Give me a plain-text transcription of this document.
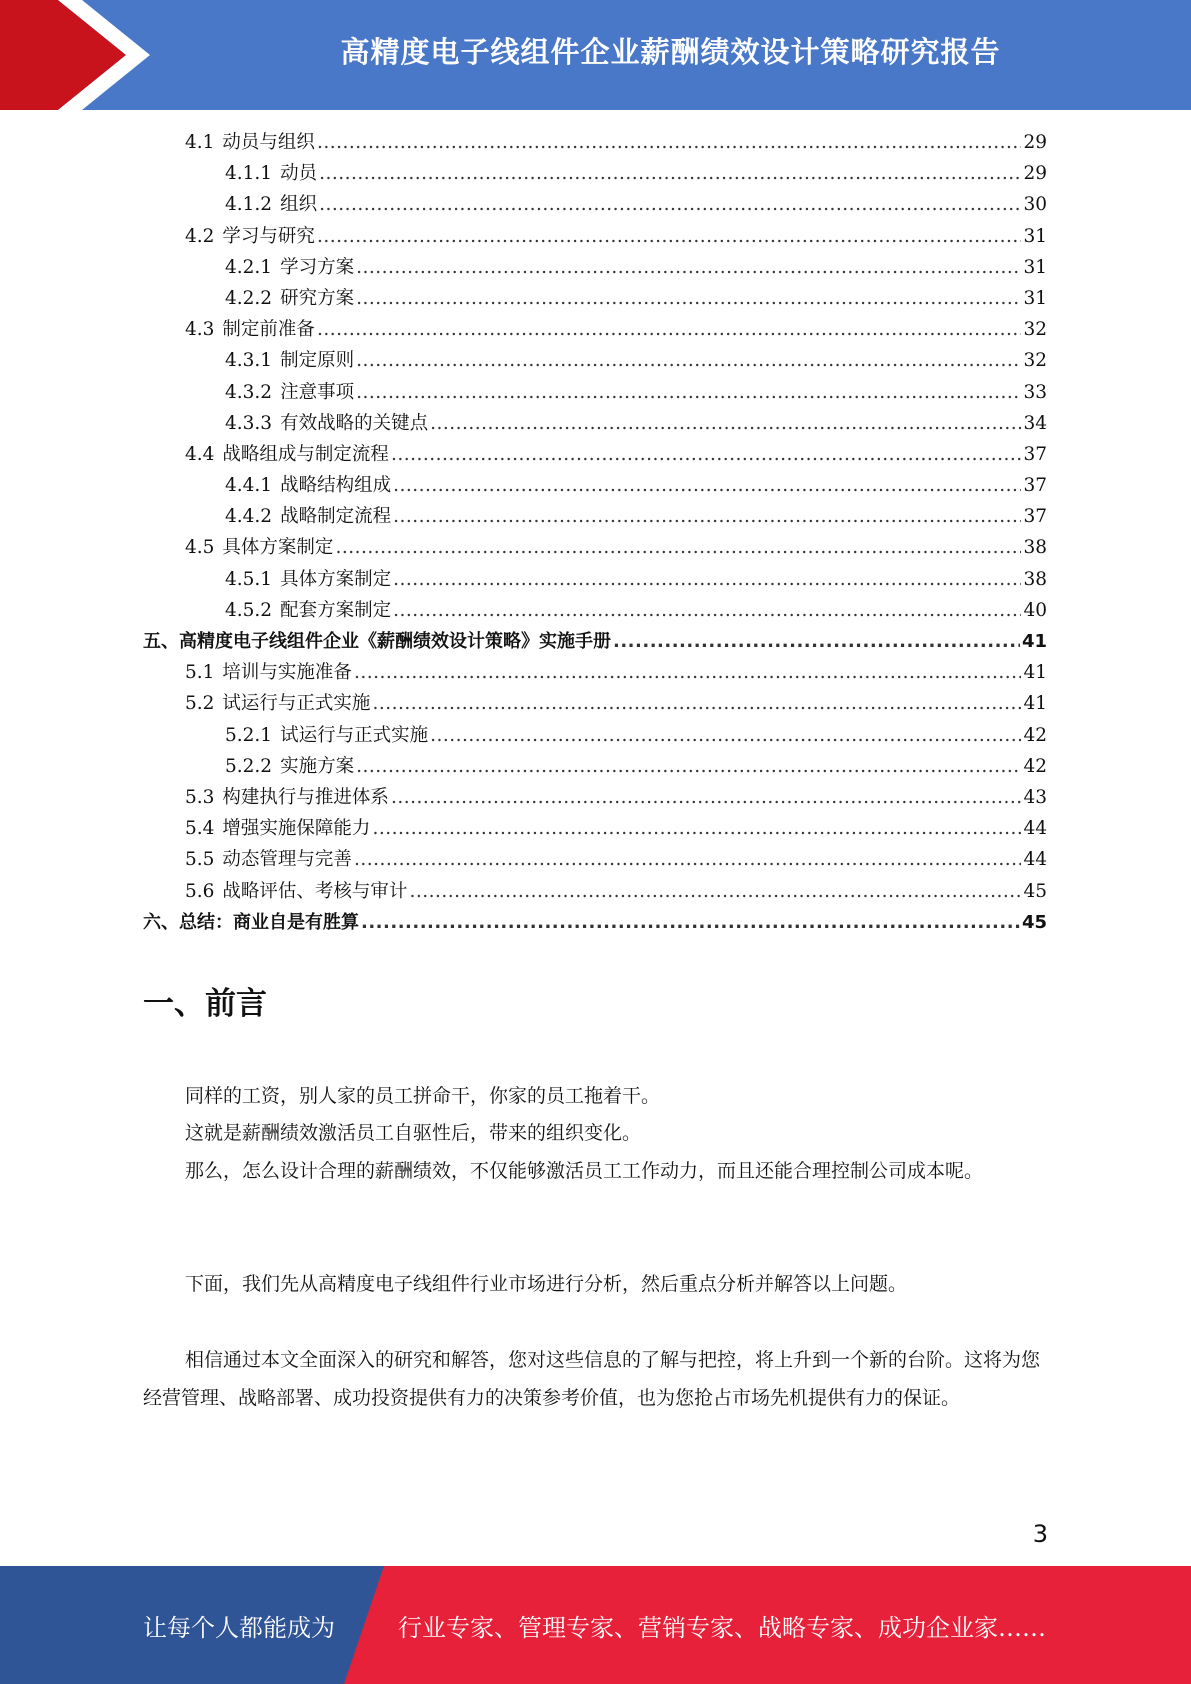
高精度电子线组件企业薪酬绩效设计策略研究报告
4.1 动员与组织 .....	29
4.1.1 动员 .....	29
4.1.2 组织 .....	30
4.2 学习与研究 .....	31
4.2.1 学习方案 .....	31
4.2.2 研究方案 .....	31
4.3 制定前准备 .....	32
4.3.1 制定原则 .....	32
4.3.2 注意事项 .....	33
4.3.3 有效战略的关键点 .....	34
4.4 战略组成与制定流程 .....	37
4.4.1 战略结构组成 .....	37
4.4.2 战略制定流程 .....	37
4.5 具体方案制定 .....	38
4.5.1 具体方案制定 .....	38
4.5.2 配套方案制定 .....	40
五、高精度电子线组件企业《薪酬绩效设计策略》实施手册 .....	41
5.1 培训与实施准备 .....	41
5.2 试运行与正式实施 .....	41
5.2.1 试运行与正式实施 .....	42
5.2.2 实施方案 .....	42
5.3 构建执行与推进体系 .....	43
5.4 增强实施保障能力 .....	44
5.5 动态管理与完善 .....	44
5.6 战略评估、考核与审计 .....	45
六、总结：商业自是有胜算 .....	45
一、前言

同样的工资，别人家的员工拼命干，你家的员工拖着干。

这就是薪酬绩效激活员工自驱性后，带来的组织变化。

那么，怎么设计合理的薪酬绩效，不仅能够激活员工工作动力，而且还能合理控制公司成本呢。

下面，我们先从高精度电子线组件行业市场进行分析，然后重点分析并解答以上问题。

相信通过本文全面深入的研究和解答，您对这些信息的了解与把控，将上升到一个新的台阶。这将为您经营管理、战略部署、成功投资提供有力的决策参考价值，也为您抢占市场先机提供有力的保证。

3
让每个人都能成为	行业专家、管理专家、营销专家、战略专家、成功企业家……
